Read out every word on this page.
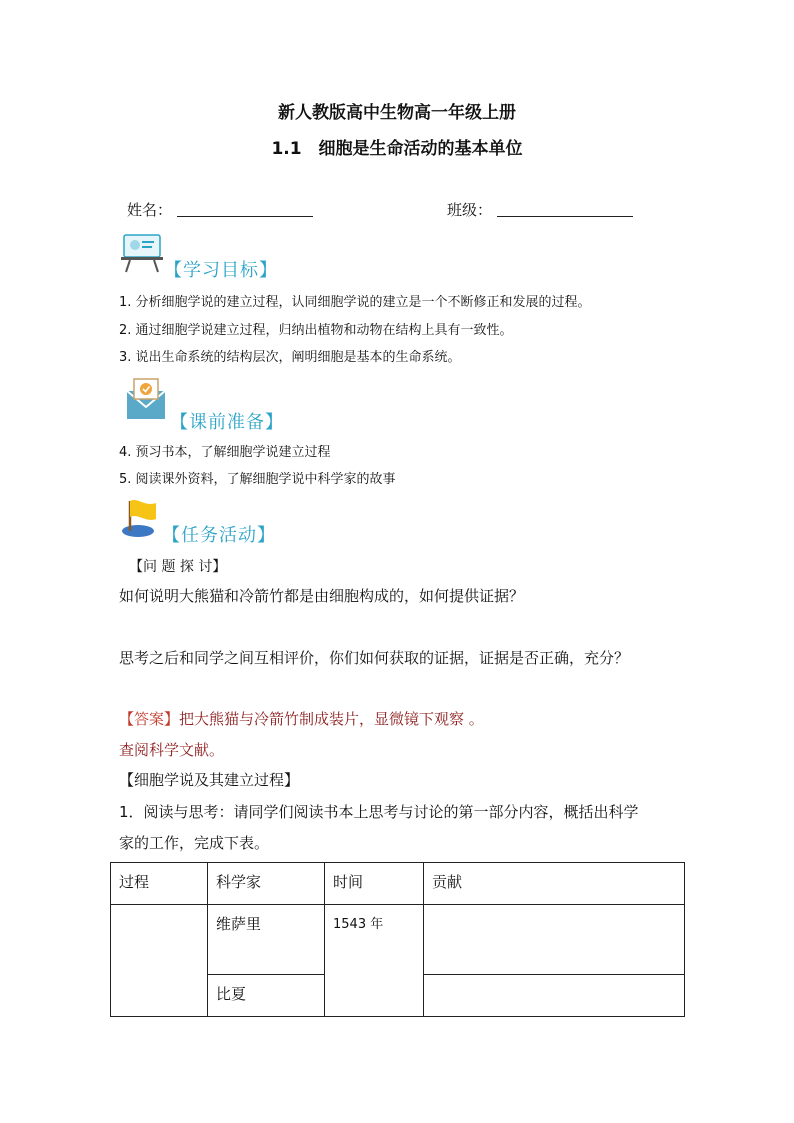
新人教版高中生物高一年级上册
1.1　细胞是生命活动的基本单位
姓名：	班级：
【学习目标】
1. 分析细胞学说的建立过程，认同细胞学说的建立是一个不断修正和发展的过程。
2. 通过细胞学说建立过程，归纳出植物和动物在结构上具有一致性。
3. 说出生命系统的结构层次，阐明细胞是基本的生命系统。
【课前准备】
4. 预习书本，了解细胞学说建立过程
5. 阅读课外资料，了解细胞学说中科学家的故事
【任务活动】
【问 题 探 讨】
如何说明大熊猫和冷箭竹都是由细胞构成的，如何提供证据？
思考之后和同学之间互相评价，你们如何获取的证据，证据是否正确，充分？
【答案】把大熊猫与冷箭竹制成装片，显微镜下观察 。
查阅科学文献。
【细胞学说及其建立过程】
1．阅读与思考：请同学们阅读书本上思考与讨论的第一部分内容，概括出科学
家的工作，完成下表。
过程	科学家	时间	贡献

	维萨里	1543 年	

	比夏		
